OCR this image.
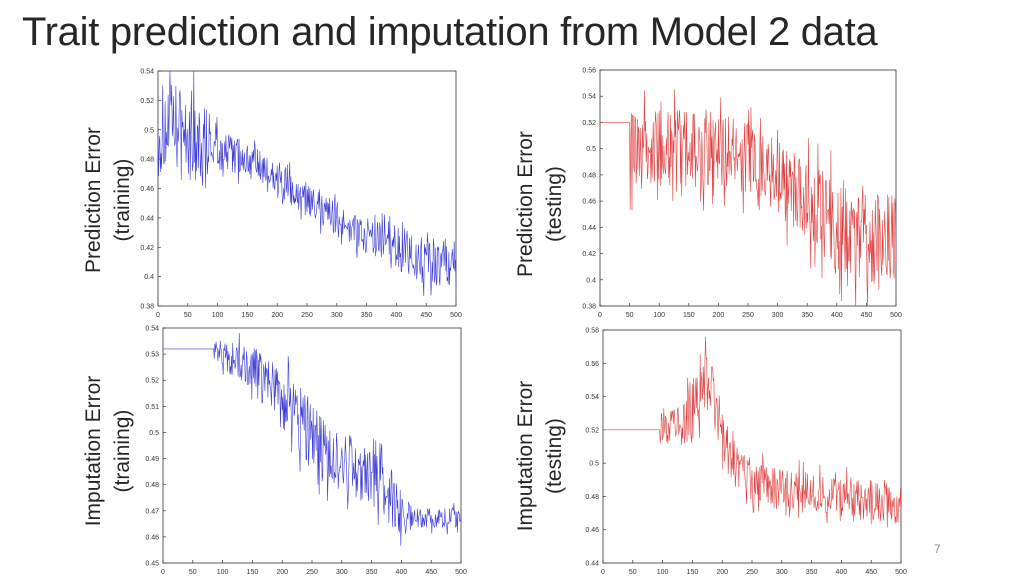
Trait prediction and imputation from Model 2 data
Prediction Error (training)	Prediction Error (testing)
Imputation Error (training)	Imputation Error (testing)
0	50	100	150	200	250	300	350	400	450	500
0.38
0.4
0.42
0.44
0.46
0.48
0.5
0.52
0.54
0	50	100	150	200	250	300	350	400	450	500
0.38
0.4
0.42
0.44
0.46
0.48
0.5
0.52
0.54
0.56
0	50	100	150	200	250	300	350	400	450	500
0.45
0.46
0.47
0.48
0.49
0.5
0.51
0.52
0.53
0.54
0	50	100	150	200	250	300	350	400	450	500
0.44
0.46
0.48
0.5
0.52
0.54
0.56
0.58
7
